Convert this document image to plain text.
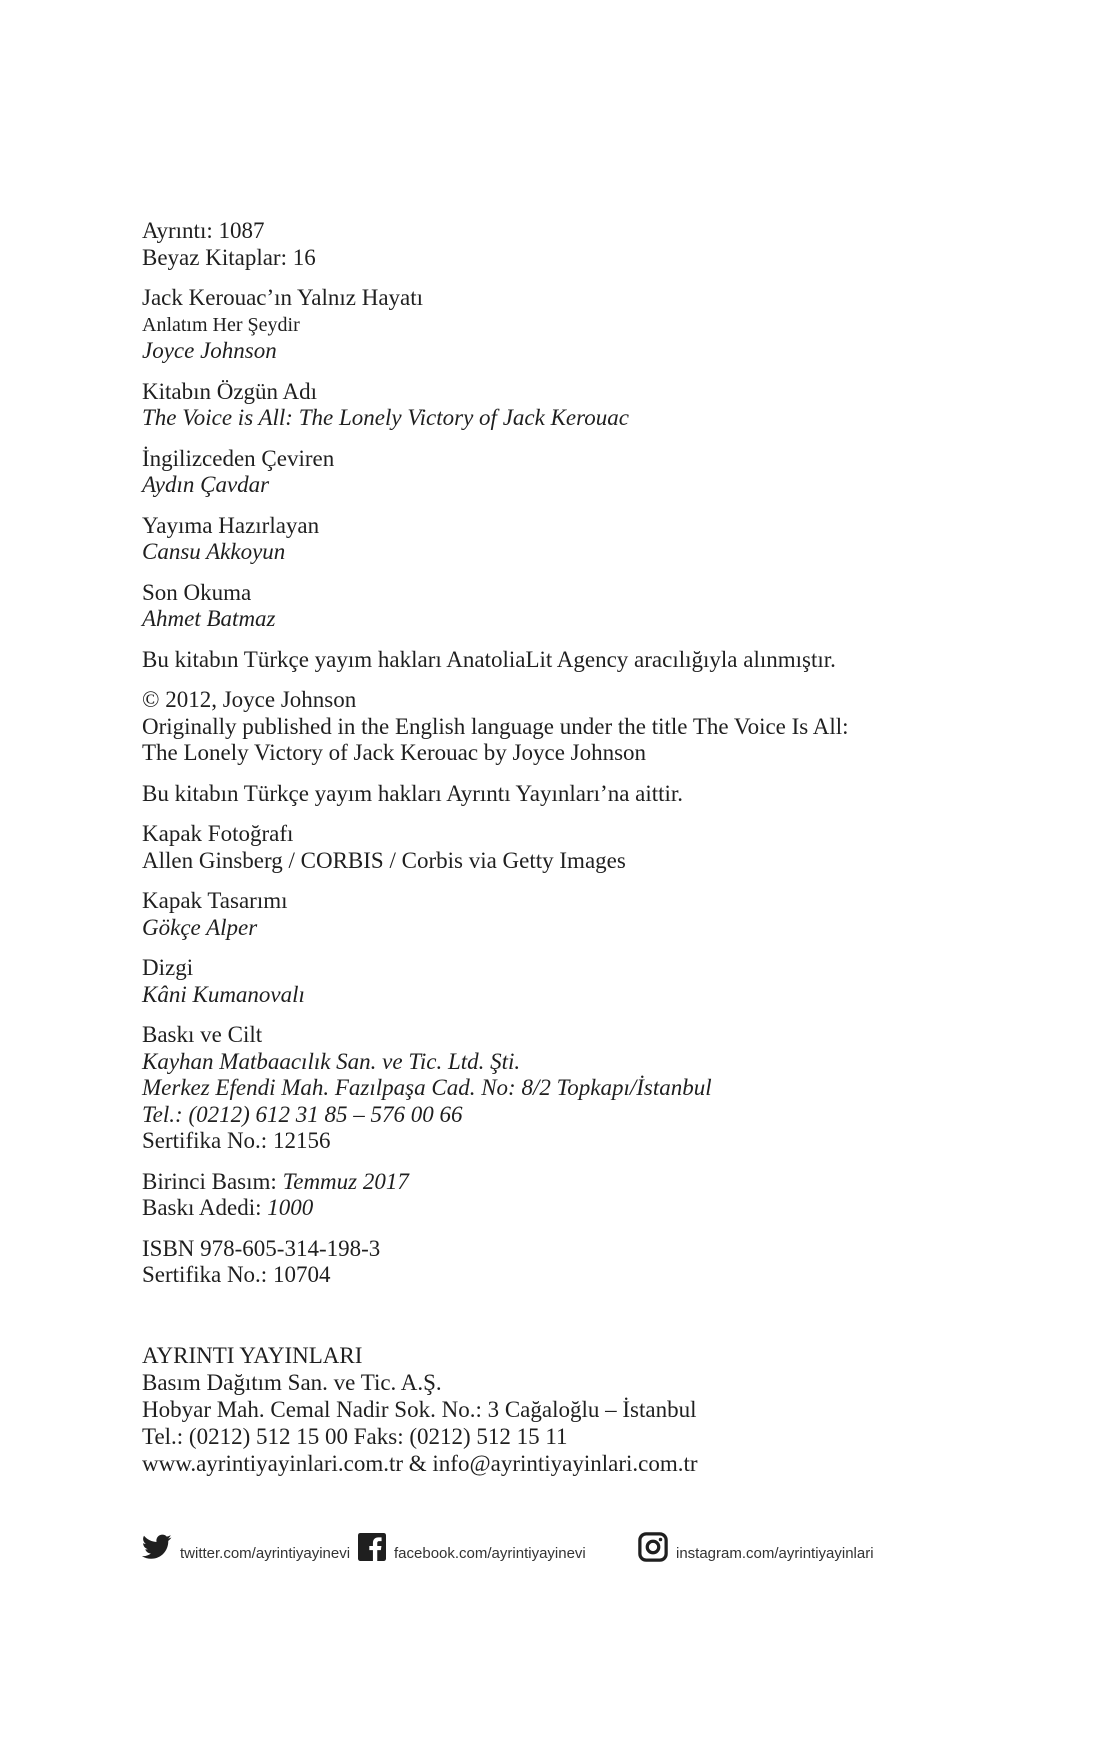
Ayrıntı: 1087
Beyaz Kitaplar: 16
Jack Kerouac’ın Yalnız Hayatı
Anlatım Her Şeydir
Joyce Johnson
Kitabın Özgün Adı
The Voice is All: The Lonely Victory of Jack Kerouac
İngilizceden Çeviren
Aydın Çavdar
Yayıma Hazırlayan
Cansu Akkoyun
Son Okuma
Ahmet Batmaz
Bu kitabın Türkçe yayım hakları AnatoliaLit Agency aracılığıyla alınmıştır.
© 2012, Joyce Johnson
Originally published in the English language under the title The Voice Is All:
The Lonely Victory of Jack Kerouac by Joyce Johnson
Bu kitabın Türkçe yayım hakları Ayrıntı Yayınları’na aittir.
Kapak Fotoğrafı
Allen Ginsberg / CORBIS / Corbis via Getty Images
Kapak Tasarımı
Gökçe Alper
Dizgi
Kâni Kumanovalı
Baskı ve Cilt
Kayhan Matbaacılık San. ve Tic. Ltd. Şti.
Merkez Efendi Mah. Fazılpaşa Cad. No: 8/2 Topkapı/İstanbul
Tel.: (0212) 612 31 85 – 576 00 66
Sertifika No.: 12156
Birinci Basım: Temmuz 2017
Baskı Adedi: 1000
ISBN 978-605-314-198-3
Sertifika No.: 10704
AYRINTI YAYINLARI
Basım Dağıtım San. ve Tic. A.Ş.
Hobyar Mah. Cemal Nadir Sok. No.: 3 Cağaloğlu – İstanbul
Tel.: (0212) 512 15 00 Faks: (0212) 512 15 11
www.ayrintiyayinlari.com.tr & info@ayrintiyayinlari.com.tr
twitter.com/ayrintiyayinevi	facebook.com/ayrintiyayinevi	instagram.com/ayrintiyayinlari
